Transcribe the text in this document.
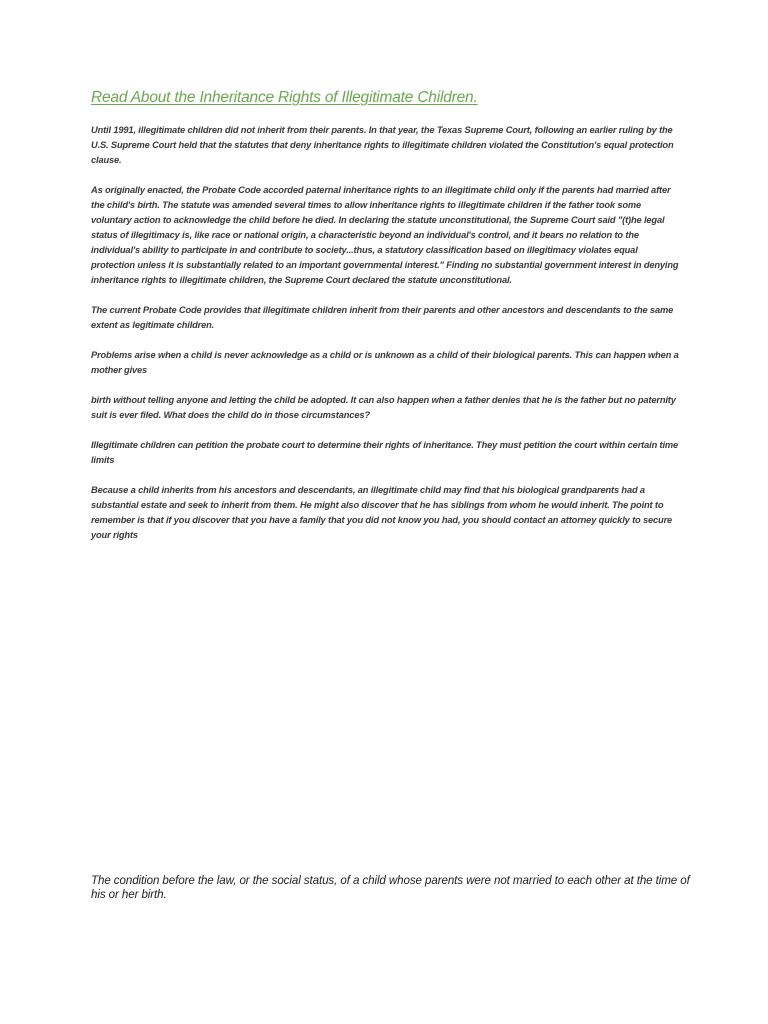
Read About the Inheritance Rights of Illegitimate Children.

Until 1991, illegitimate children did not inherit from their parents. In that year, the Texas Supreme Court, following an earlier ruling by the U.S. Supreme Court held that the statutes that deny inheritance rights to illegitimate children violated the Constitution's equal protection clause.

As originally enacted, the Probate Code accorded paternal inheritance rights to an illegitimate child only if the parents had married after the child's birth. The statute was amended several times to allow inheritance rights to illegitimate children if the father took some voluntary action to acknowledge the child before he died. In declaring the statute unconstitutional, the Supreme Court said "(t)he legal status of illegitimacy is, like race or national origin, a characteristic beyond an individual's control, and it bears no relation to the individual's ability to participate in and contribute to society...thus, a statutory classification based on illegitimacy violates equal protection unless it is substantially related to an important governmental interest." Finding no substantial government interest in denying inheritance rights to illegitimate children, the Supreme Court declared the statute unconstitutional.

The current Probate Code provides that illegitimate children inherit from their parents and other ancestors and descendants to the same extent as legitimate children.

Problems arise when a child is never acknowledge as a child or is unknown as a child of their biological parents. This can happen when a mother gives

birth without telling anyone and letting the child be adopted. It can also happen when a father denies that he is the father but no paternity suit is ever filed. What does the child do in those circumstances?

Illegitimate children can petition the probate court to determine their rights of inheritance. They must petition the court within certain time limits

Because a child inherits from his ancestors and descendants, an illegitimate child may find that his biological grandparents had a substantial estate and seek to inherit from them. He might also discover that he has siblings from whom he would inherit. The point to remember is that if you discover that you have a family that you did not know you had, you should contact an attorney quickly to secure your rights

The condition before the law, or the social status, of a child whose parents were not married to each other at the time of his or her birth.
